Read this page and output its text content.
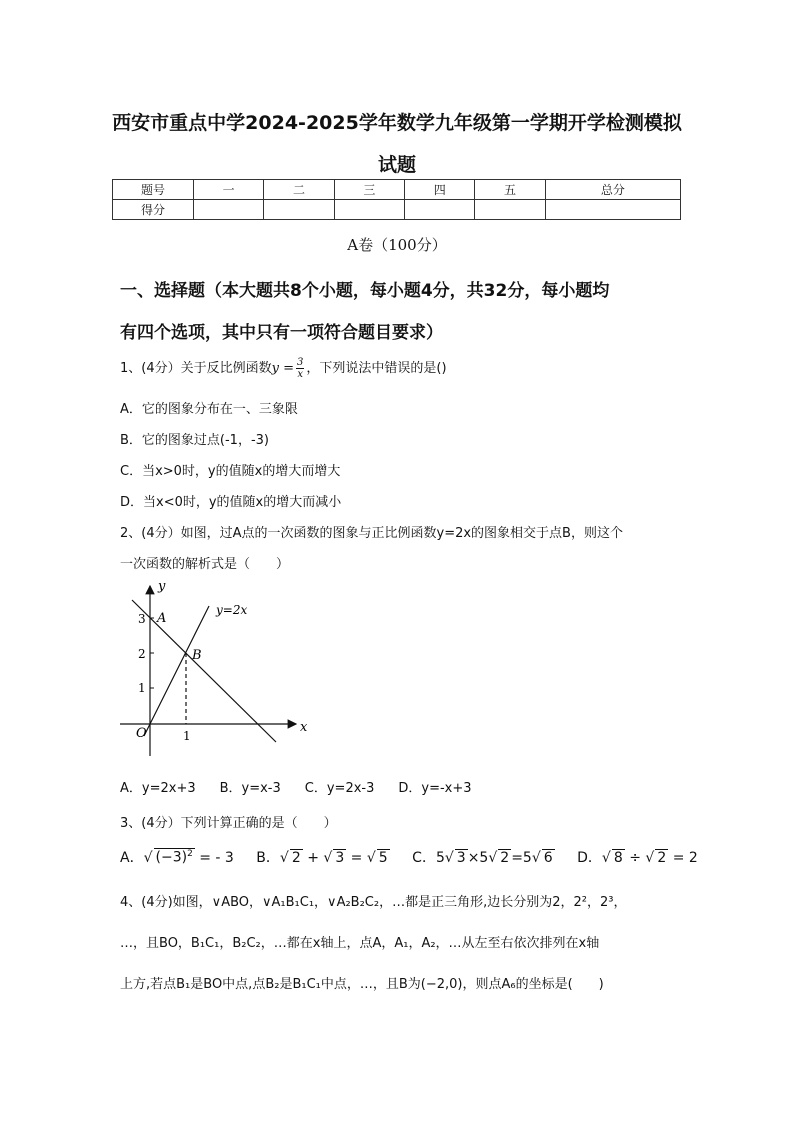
西安市重点中学2024-2025学年数学九年级第一学期开学检测模拟
试题
题号	一	二	三	四	五	总分
得分						
A卷（100分）
一、选择题（本大题共8个小题，每小题4分，共32分，每小题均
有四个选项，其中只有一项符合题目要求）
1、(4分）关于反比例函数$y = \frac{3}{x}$ ，下列说法中错误的是()
A．它的图象分布在一、三象限
B．它的图象过点(-1，-3)
C．当x>0时，y的值随x的增大而增大
D．当x<0时，y的值随x的增大而减小
2、(4分）如图，过A点的一次函数的图象与正比例函数y=2x的图象相交于点B，则这个
一次函数的解析式是（　　）
y
x
O
y=2x
A
B
1
2
3
1
A．y=2x+3 B．y=x-3 C．y=2x-3 D．y=-x+3
3、(4分）下列计算正确的是（　　）
A．√ $(-3)^2$ = - 3 B．√ 2 + √ 3 = √ 5 C．5√ 3 ×5√ 2 =5√ 6 D．√ 8 ÷ √ 2 = 2
4、(4分)如图，∨ABO，∨A₁B₁C₁，∨A₂B₂C₂，…都是正三角形,边长分别为2，2²，2³，
…，且BO，B₁C₁，B₂C₂，…都在x轴上，点A，A₁，A₂，…从左至右依次排列在x轴
上方,若点B₁是BO中点,点B₂是B₁C₁中点，…，且B为(−2,0)，则点A₆的坐标是(　　)
